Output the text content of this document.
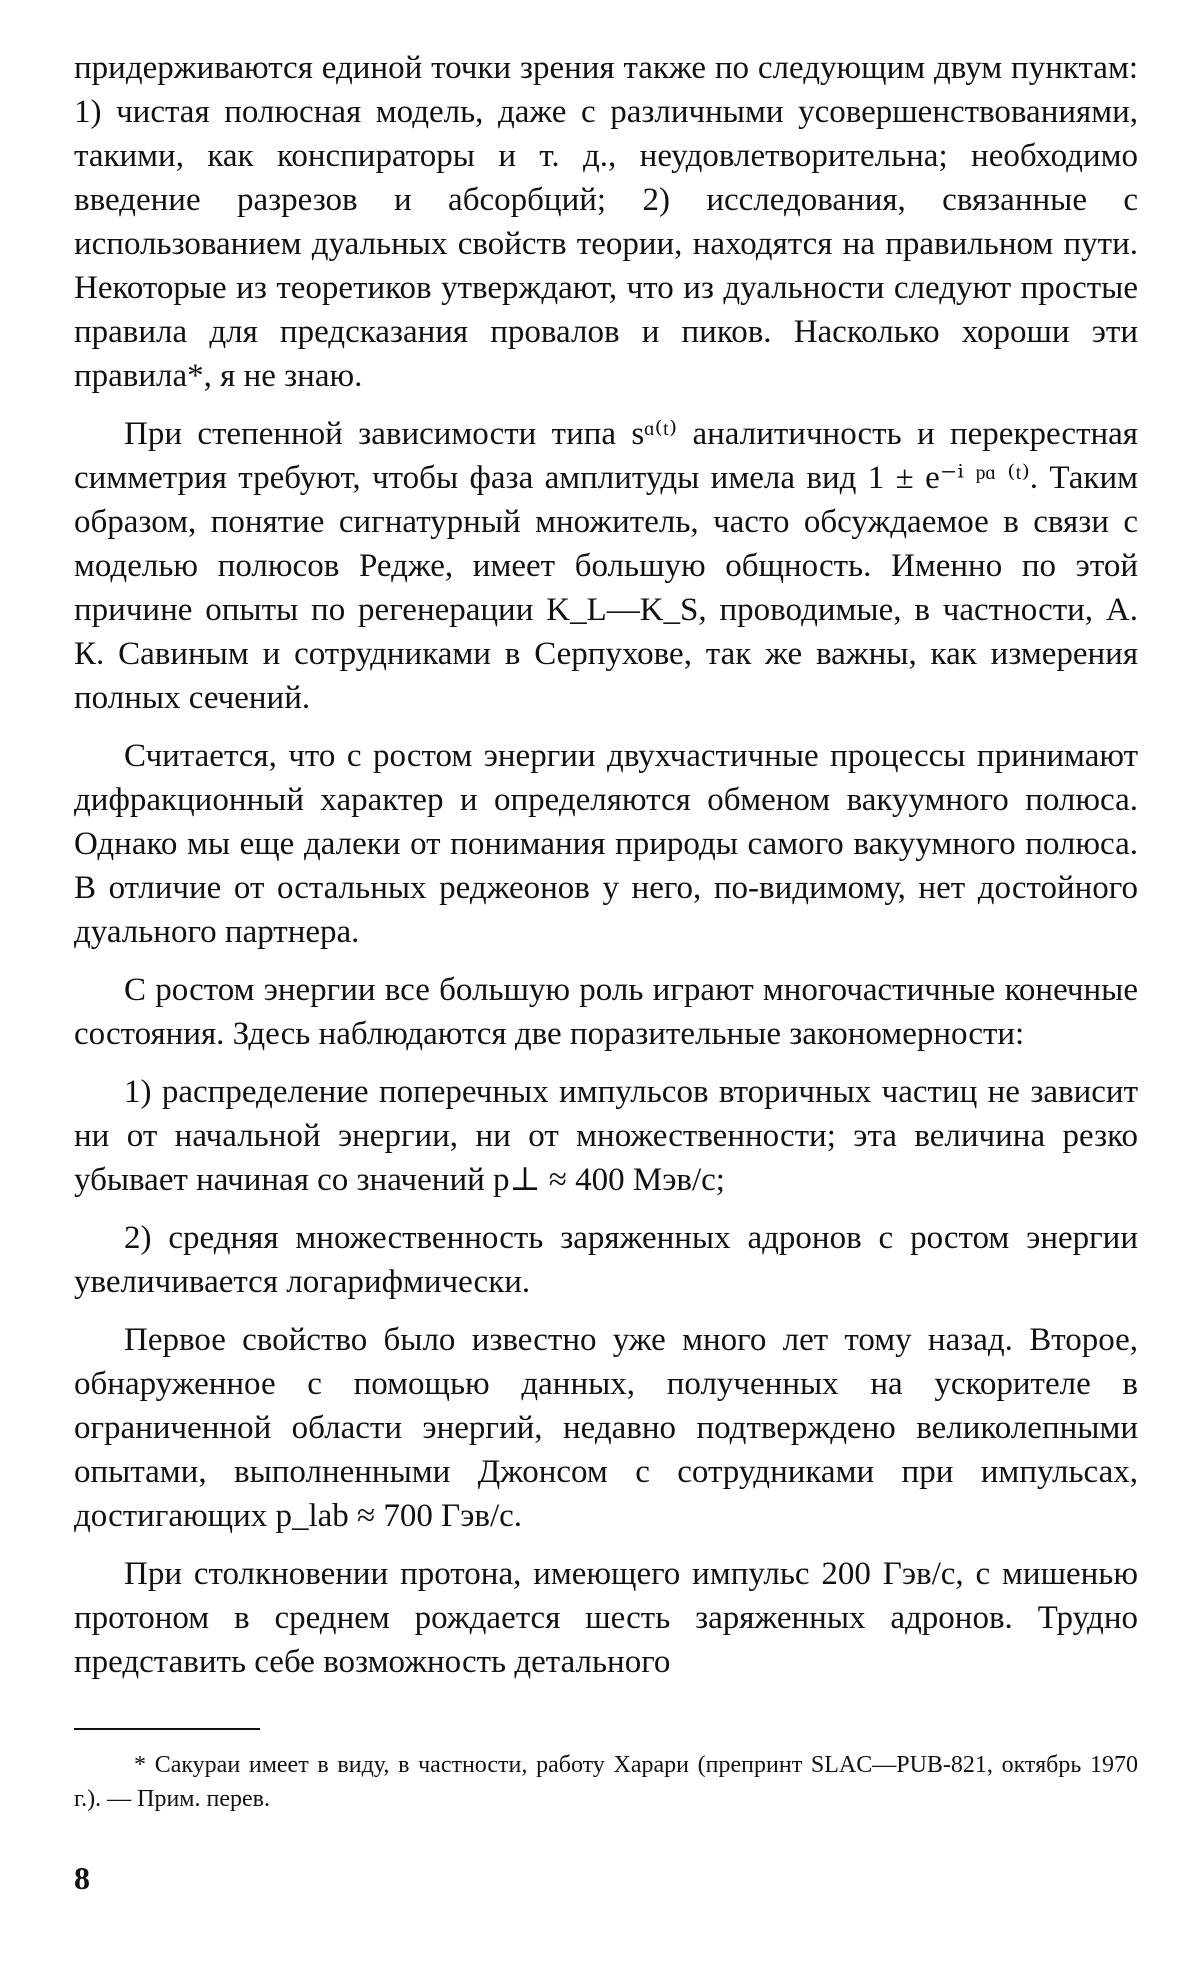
придерживаются единой точки зрения также по следующим двум пунктам: 1) чистая полюсная модель, даже с различными усовершенствованиями, такими, как конспираторы и т. д., неудовлетворительна; необходимо введение разрезов и абсорбций; 2) исследования, связанные с использованием дуальных свойств теории, находятся на правильном пути. Некоторые из теоретиков утверждают, что из дуальности следуют простые правила для предсказания провалов и пиков. Насколько хороши эти правила*, я не знаю.

При степенной зависимости типа sᵅ⁽ᵗ⁾ аналитичность и перекрестная симметрия требуют, чтобы фаза амплитуды имела вид 1 ± e⁻ⁱ ᵖᵅ ⁽ᵗ⁾. Таким образом, понятие сигнатурный множитель, часто обсуждаемое в связи с моделью полюсов Редже, имеет большую общность. Именно по этой причине опыты по регенерации K_L—K_S, проводимые, в частности, А. К. Савиным и сотрудниками в Серпухове, так же важны, как измерения полных сечений.

Считается, что с ростом энергии двухчастичные процессы принимают дифракционный характер и определяются обменом вакуумного полюса. Однако мы еще далеки от понимания природы самого вакуумного полюса. В отличие от остальных реджеонов у него, по-видимому, нет достойного дуального партнера.

С ростом энергии все большую роль играют многочастичные конечные состояния. Здесь наблюдаются две поразительные закономерности:

1) распределение поперечных импульсов вторичных частиц не зависит ни от начальной энергии, ни от множественности; эта величина резко убывает начиная со значений p⊥ ≈ 400 Мэв/с;

2) средняя множественность заряженных адронов с ростом энергии увеличивается логарифмически.

Первое свойство было известно уже много лет тому назад. Второе, обнаруженное с помощью данных, полученных на ускорителе в ограниченной области энергий, недавно подтверждено великолепными опытами, выполненными Джонсом с сотрудниками при импульсах, достигающих p_lab ≈ 700 Гэв/с.

При столкновении протона, имеющего импульс 200 Гэв/с, с мишенью протоном в среднем рождается шесть заряженных адронов. Трудно представить себе возможность детального

* Сакураи имеет в виду, в частности, работу Харари (препринт SLAC—PUB-821, октябрь 1970 г.). — Прим. перев.

8
